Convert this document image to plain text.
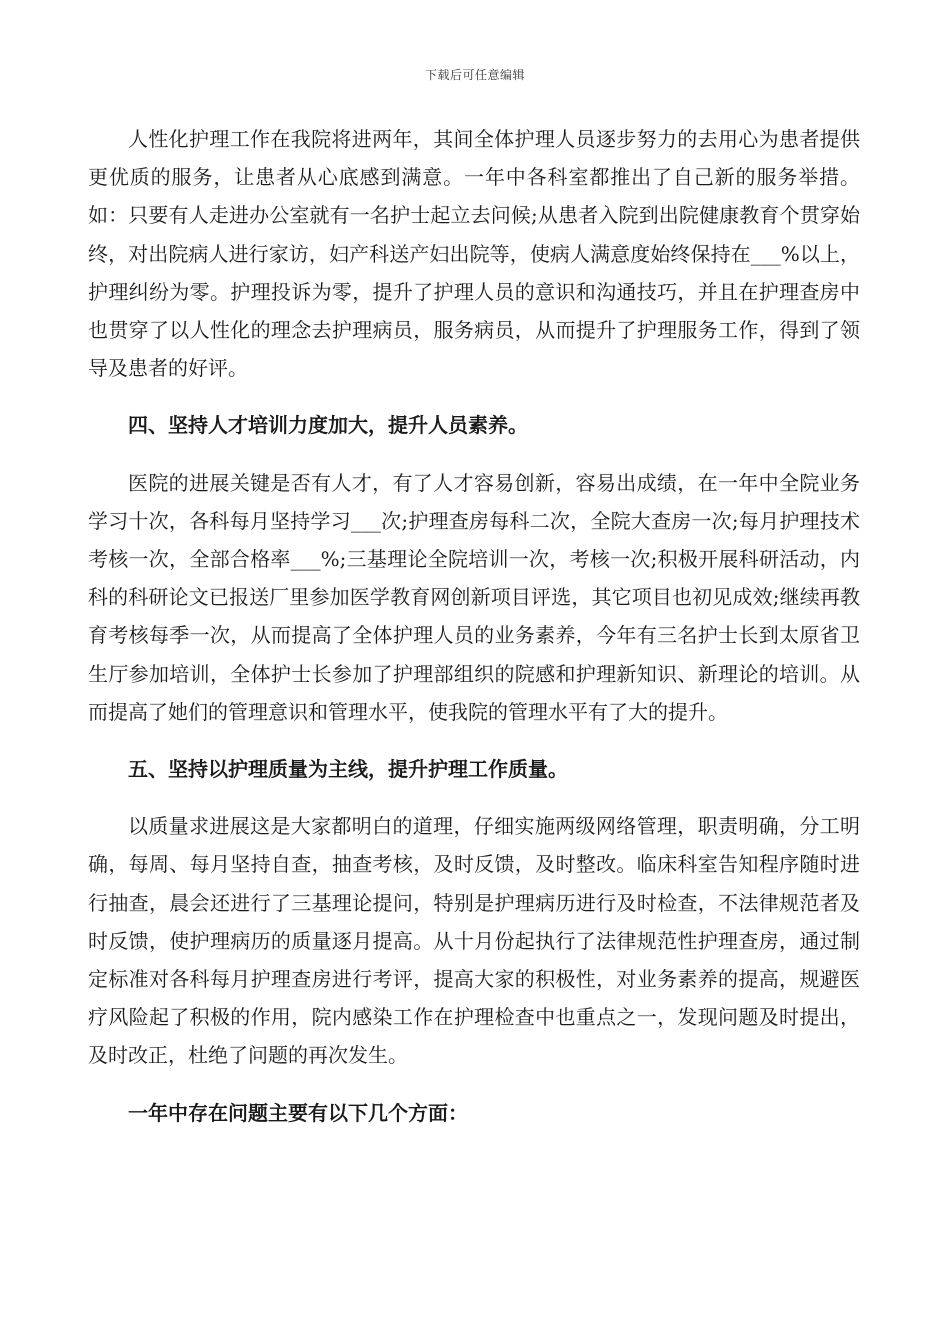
下载后可任意编辑

人性化护理工作在我院将进两年，其间全体护理人员逐步努力的去用心为患者提供更优质的服务，让患者从心底感到满意。一年中各科室都推出了自己新的服务举措。如：只要有人走进办公室就有一名护士起立去问候;从患者入院到出院健康教育个贯穿始终，对出院病人进行家访，妇产科送产妇出院等，使病人满意度始终保持在___%以上，护理纠纷为零。护理投诉为零，提升了护理人员的意识和沟通技巧，并且在护理查房中也贯穿了以人性化的理念去护理病员，服务病员，从而提升了护理服务工作，得到了领导及患者的好评。

四、坚持人才培训力度加大，提升人员素养。

医院的进展关键是否有人才，有了人才容易创新，容易出成绩，在一年中全院业务学习十次，各科每月坚持学习___次;护理查房每科二次，全院大查房一次;每月护理技术考核一次，全部合格率___%;三基理论全院培训一次，考核一次;积极开展科研活动，内科的科研论文已报送厂里参加医学教育网创新项目评选，其它项目也初见成效;继续再教育考核每季一次，从而提高了全体护理人员的业务素养，今年有三名护士长到太原省卫生厅参加培训，全体护士长参加了护理部组织的院感和护理新知识、新理论的培训。从而提高了她们的管理意识和管理水平，使我院的管理水平有了大的提升。

五、坚持以护理质量为主线，提升护理工作质量。

以质量求进展这是大家都明白的道理，仔细实施两级网络管理，职责明确，分工明确，每周、每月坚持自查，抽查考核，及时反馈，及时整改。临床科室告知程序随时进行抽查，晨会还进行了三基理论提问，特别是护理病历进行及时检查，不法律规范者及时反馈，使护理病历的质量逐月提高。从十月份起执行了法律规范性护理查房，通过制定标准对各科每月护理查房进行考评，提高大家的积极性，对业务素养的提高，规避医疗风险起了积极的作用，院内感染工作在护理检查中也重点之一，发现问题及时提出，及时改正，杜绝了问题的再次发生。

一年中存在问题主要有以下几个方面：
